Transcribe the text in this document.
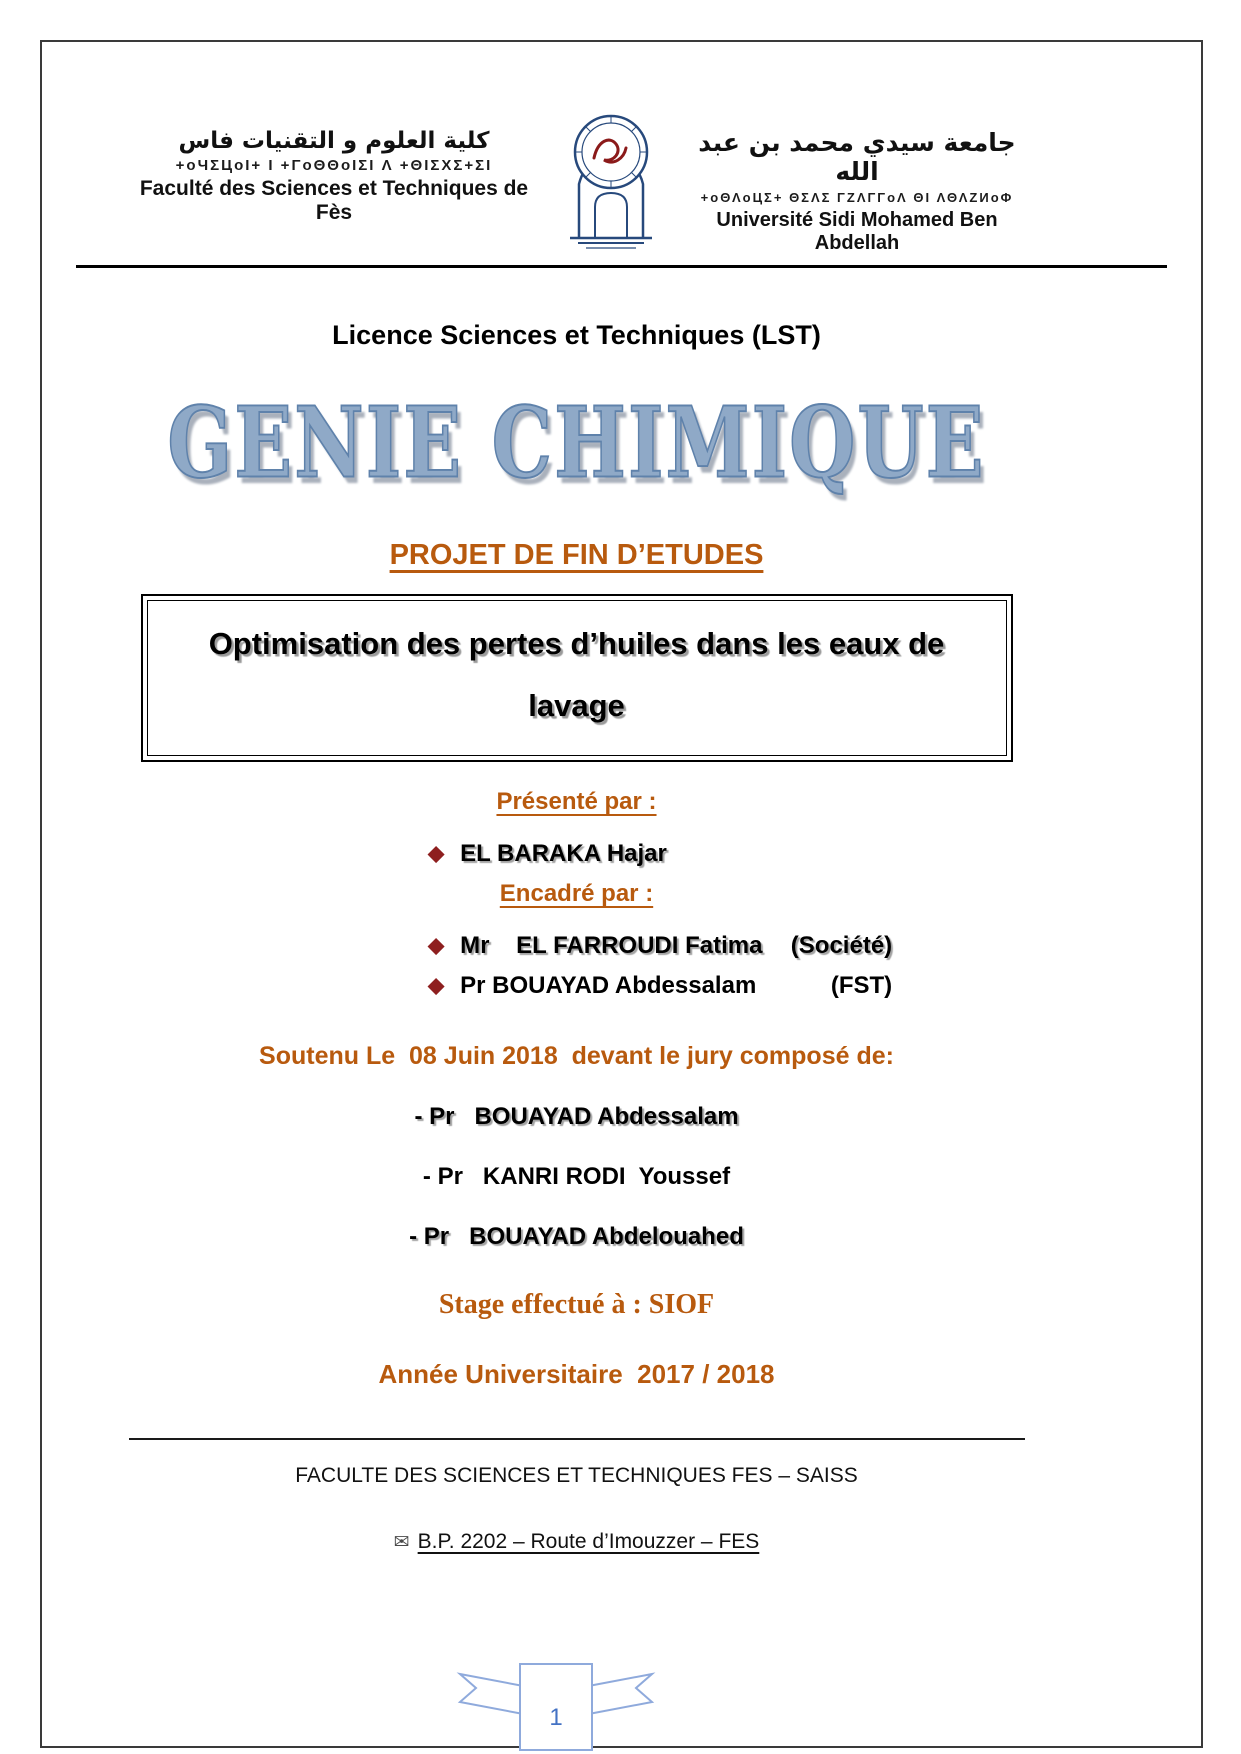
كلية العلوم و التقنيات فاس
+oЧΣЦoI+ I +ΓoΘΘoIΣI Λ +ΘIΣΧΣ+ΣI
Faculté des Sciences et Techniques de Fès
جامعة سيدي محمد بن عبد الله
+oΘΛoЦΣ+ ΘΣΛΣ ΓΖΛΓΓoΛ ΘI ΛΘΛΖИoΦ
Université Sidi Mohamed Ben Abdellah
Licence Sciences et Techniques (LST)
GENIE CHIMIQUE
PROJET DE FIN D’ETUDES
Optimisation des pertes d’huiles dans les eaux de lavage
Présenté par :
◆ EL BARAKA Hajar
Encadré par :
◆ Mr    EL FARROUDI Fatima (Société)
◆ Pr BOUAYAD Abdessalam	(FST)
Soutenu Le  08 Juin 2018  devant le jury composé de:
- Pr   BOUAYAD Abdessalam
- Pr   KANRI RODI  Youssef
- Pr   BOUAYAD Abdelouahed
Stage effectué à : SIOF
Année Universitaire  2017 / 2018
FACULTE DES SCIENCES ET TECHNIQUES FES – SAISS
✉ B.P. 2202 – Route d’Imouzzer – FES
1
